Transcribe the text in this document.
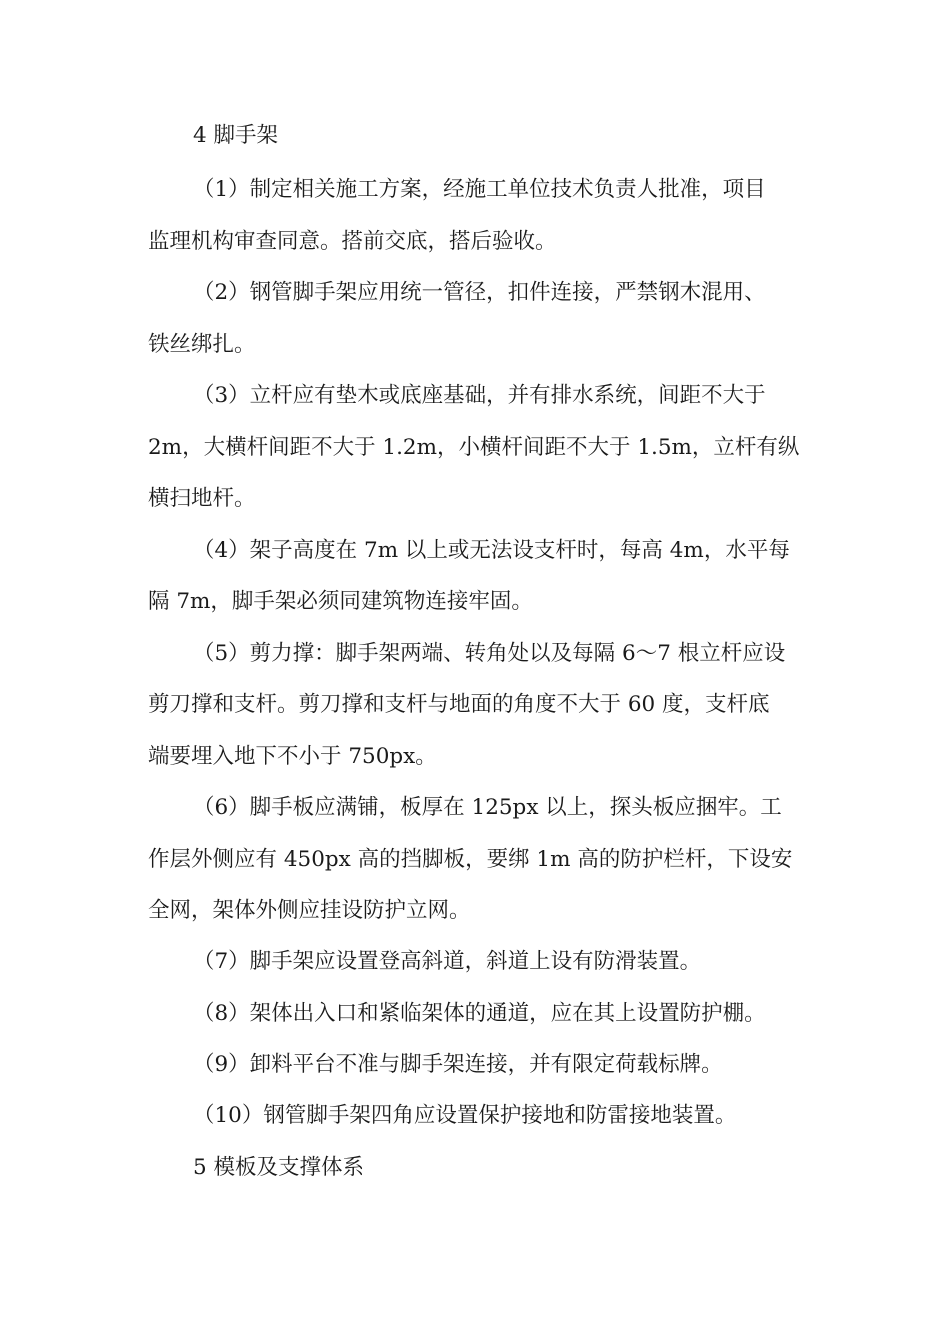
4 脚手架
（1）制定相关施工方案，经施工单位技术负责人批准，项目
监理机构审查同意。搭前交底，搭后验收。
（2）钢管脚手架应用统一管径，扣件连接，严禁钢木混用、
铁丝绑扎。
（3）立杆应有垫木或底座基础，并有排水系统，间距不大于
2m，大横杆间距不大于 1.2m，小横杆间距不大于 1.5m，立杆有纵
横扫地杆。
（4）架子高度在 7m 以上或无法设支杆时，每高 4m，水平每
隔 7m，脚手架必须同建筑物连接牢固。
（5）剪力撑：脚手架两端、转角处以及每隔 6～7 根立杆应设
剪刀撑和支杆。剪刀撑和支杆与地面的角度不大于 60 度，支杆底
端要埋入地下不小于 750px。
（6）脚手板应满铺，板厚在 125px 以上，探头板应捆牢。工
作层外侧应有 450px 高的挡脚板，要绑 1m 高的防护栏杆，下设安
全网，架体外侧应挂设防护立网。
（7）脚手架应设置登高斜道，斜道上设有防滑装置。
（8）架体出入口和紧临架体的通道，应在其上设置防护棚。
（9）卸料平台不准与脚手架连接，并有限定荷载标牌。
（10）钢管脚手架四角应设置保护接地和防雷接地装置。
5 模板及支撑体系
